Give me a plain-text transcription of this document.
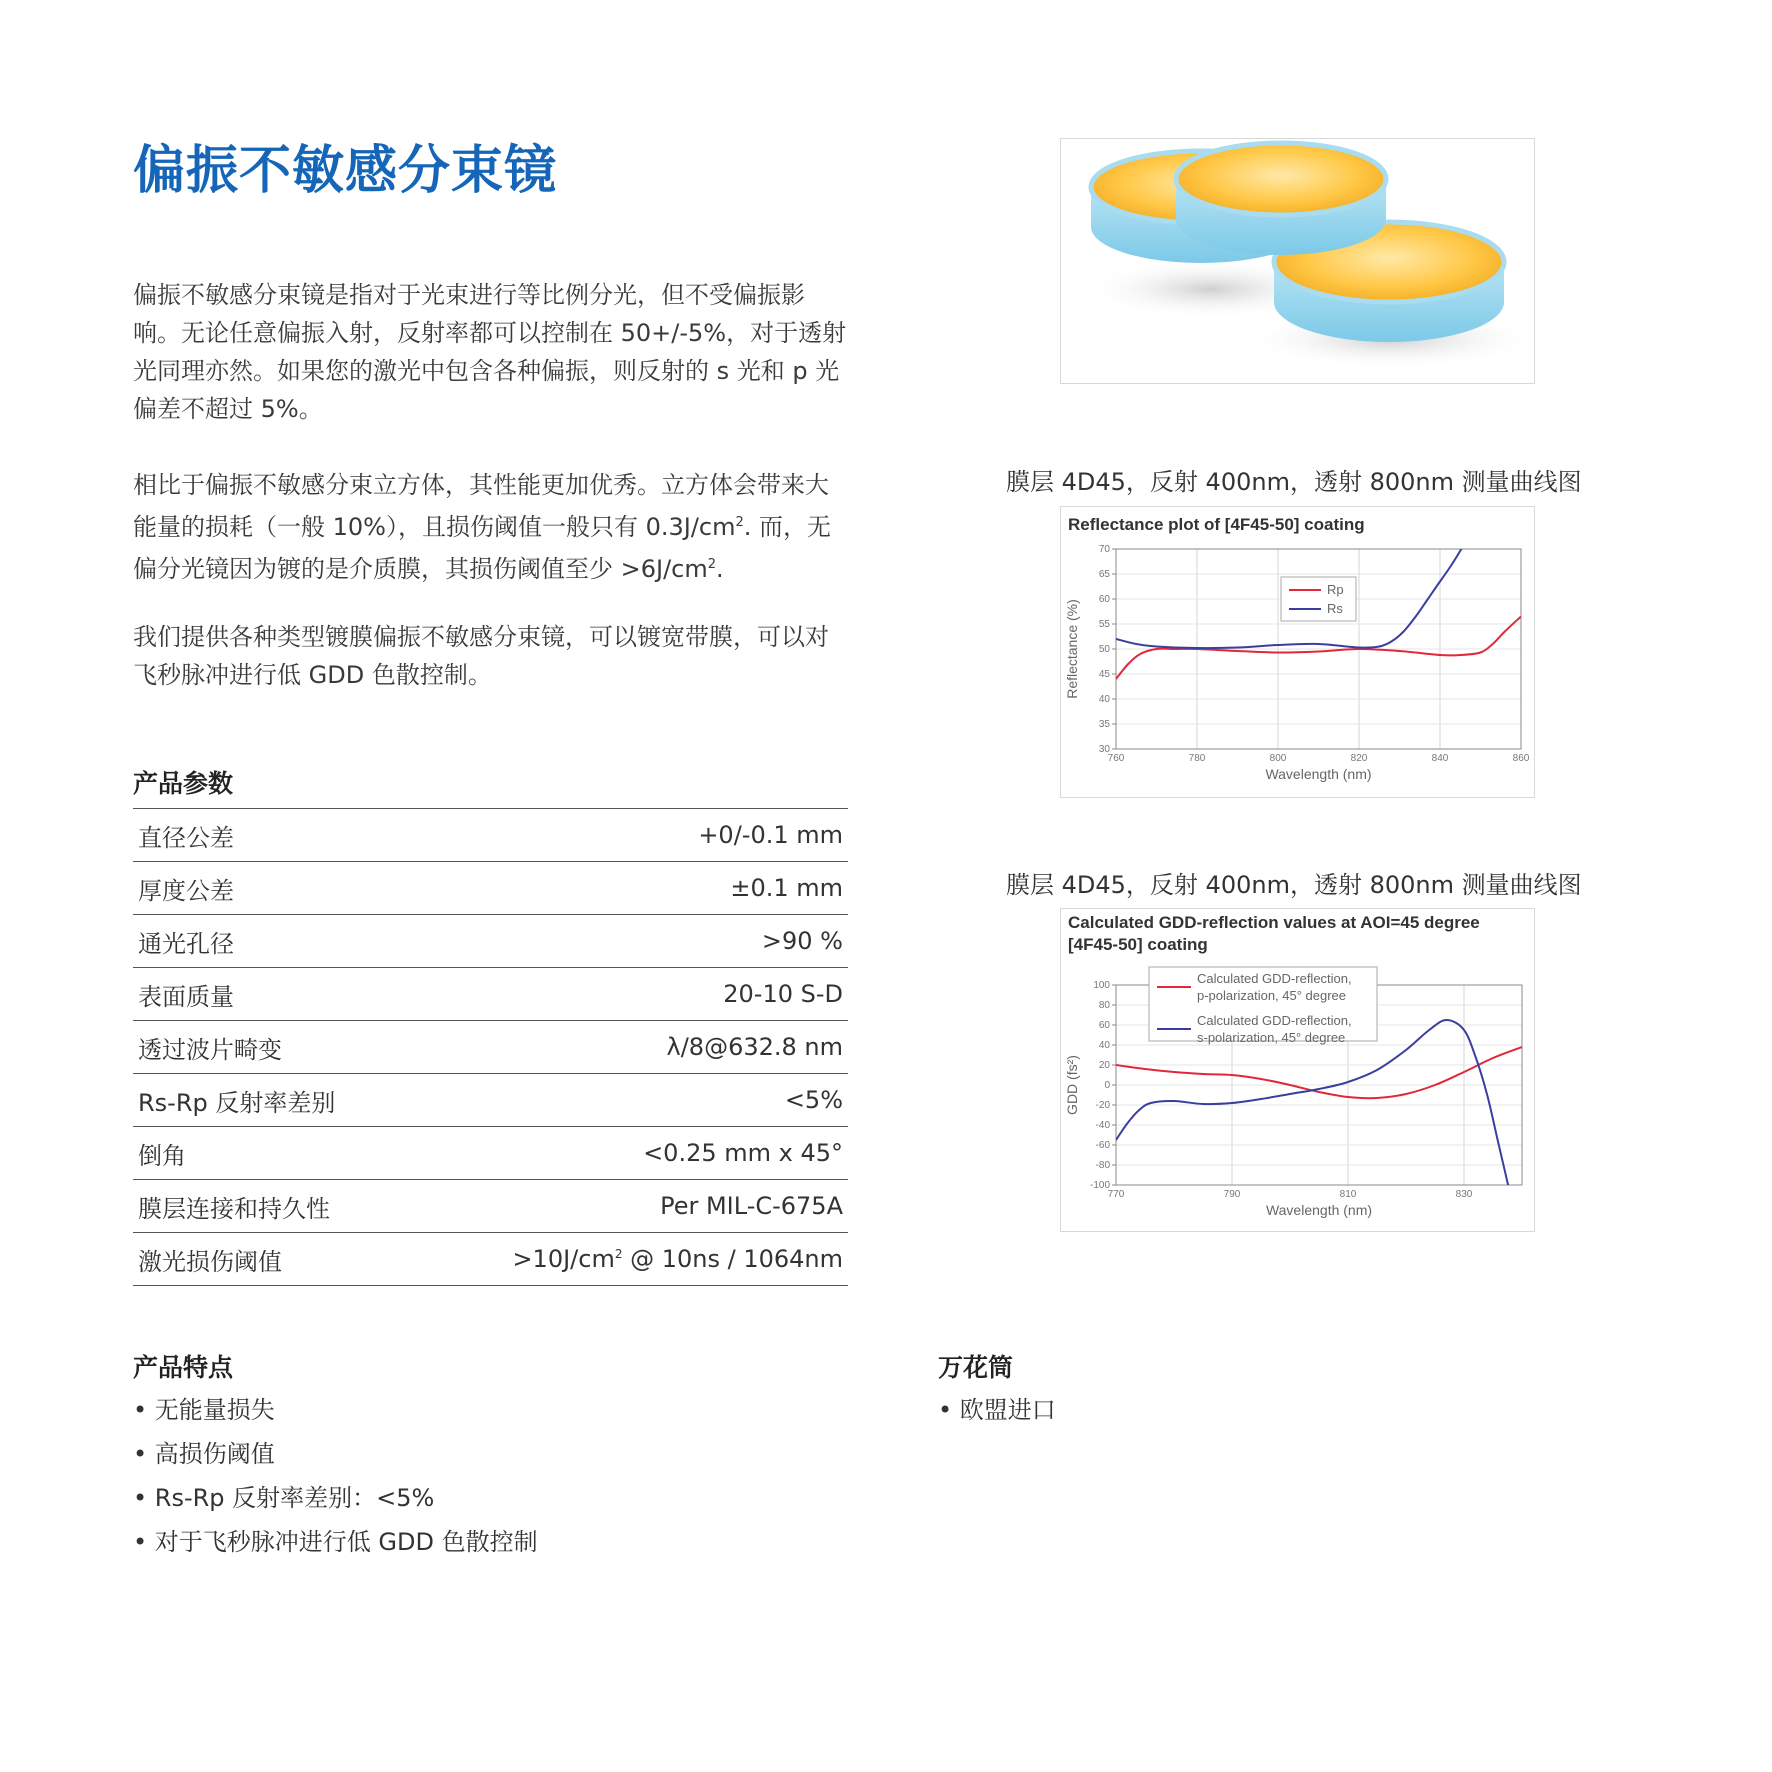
偏振不敏感分束镜

偏振不敏感分束镜是指对于光束进行等比例分光，但不受偏振影响。无论任意偏振入射，反射率都可以控制在 50+/-5%，对于透射光同理亦然。如果您的激光中包含各种偏振，则反射的 s 光和 p 光偏差不超过 5%。

相比于偏振不敏感分束立方体，其性能更加优秀。立方体会带来大能量的损耗（一般 10%），且损伤阈值一般只有 $0.3J/cm^2$. 而，无偏分光镜因为镀的是介质膜，其损伤阈值至少 $>6J/cm^2$.

我们提供各种类型镀膜偏振不敏感分束镜，可以镀宽带膜，可以对飞秒脉冲进行低 GDD 色散控制。

产品参数
直径公差	+0/-0.1 mm
厚度公差	±0.1 mm
通光孔径	>90 %
表面质量	20-10 S-D
透过波片畸变	λ/8@632.8 nm
Rs-Rp 反射率差别	<5%
倒角	<0.25 mm x 45°
膜层连接和持久性	Per MIL-C-675A
激光损伤阈值	$>10J/cm^2$ @ 10ns / 1064nm
产品特点
• 无能量损失
• 高损伤阈值
• Rs-Rp 反射率差别：<5%
• 对于飞秒脉冲进行低 GDD 色散控制
万花筒
• 欧盟进口
膜层 4D45，反射 400nm，透射 800nm 测量曲线图
Reflectance plot of [4F45-50] coating
760	780	800	820	840	860
30
35
40
45
50
55
60
65
70
Wavelength (nm)
Reflectance (%)
Rp
Rs
膜层 4D45，反射 400nm，透射 800nm 测量曲线图
Calculated GDD-reflection values at AOI=45 degree
[4F45-50] coating
770	790	810	830
-100
-80
-60
-40
-20
0
20
40
60
80
100
Wavelength (nm)
GDD (fs²)
Calculated GDD-reflection,
p-polarization, 45° degree
Calculated GDD-reflection,
s-polarization, 45° degree
